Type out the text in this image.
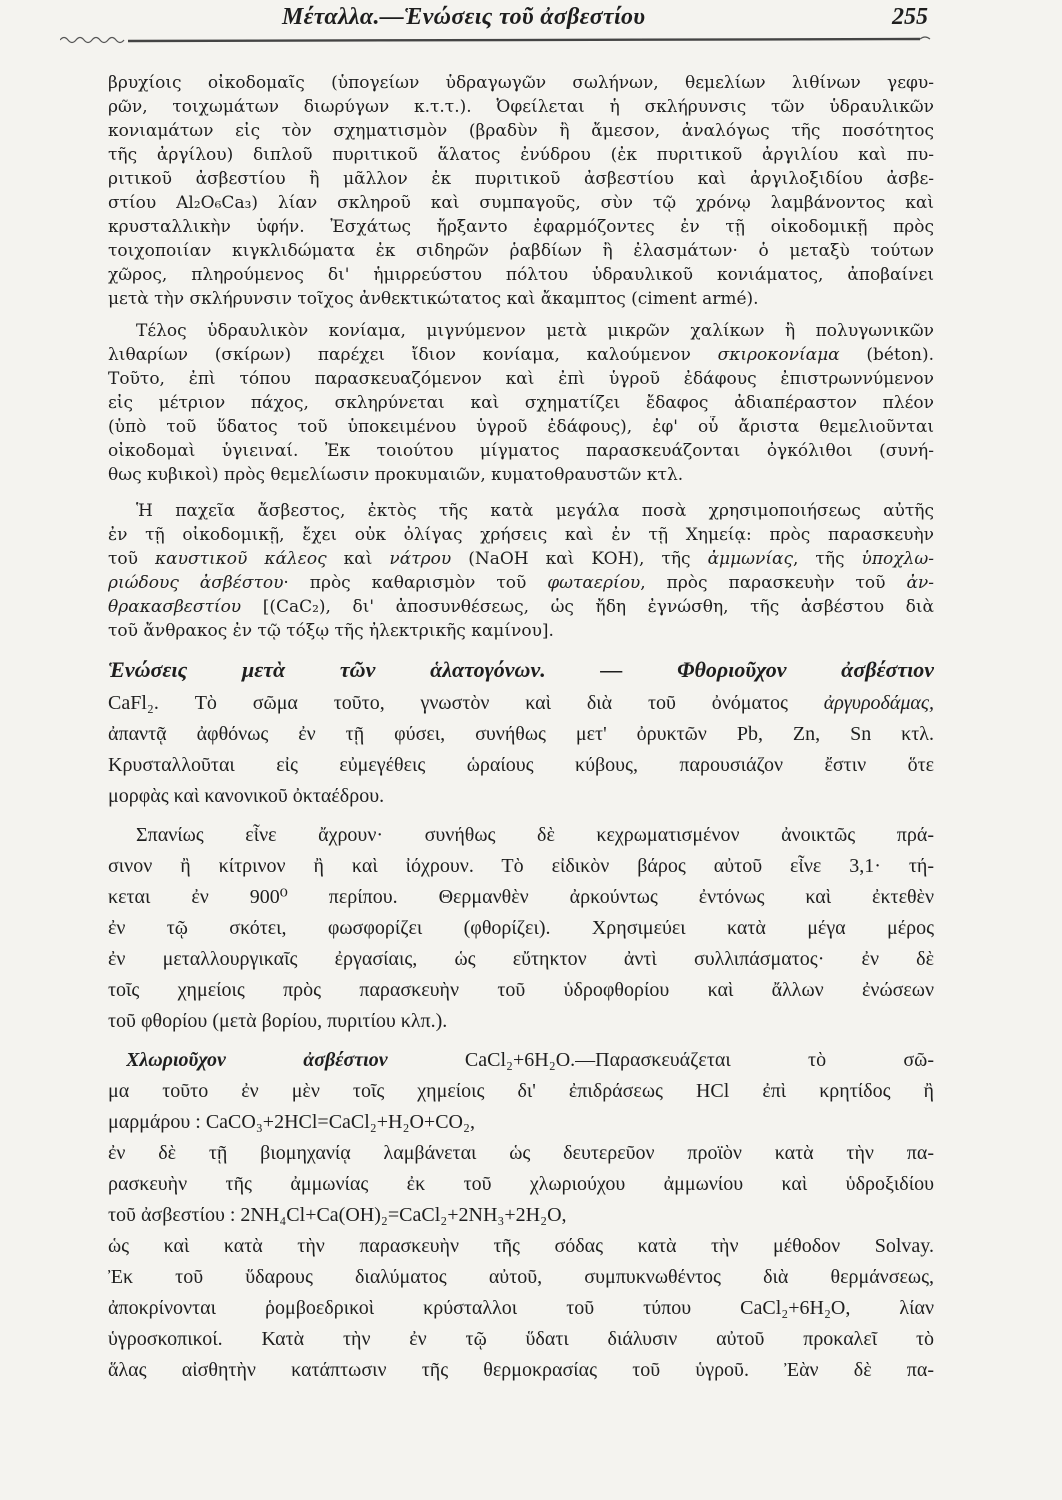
Μέταλλα.—Ἑνώσεις τοῦ ἀσβεστίου	255
βρυχίοις οἰκοδομαῖς (ὑπογείων ὑδραγωγῶν σωλήνων, θεμελίων λιθίνων γεφυ-
ρῶν, τοιχωμάτων διωρύγων κ.τ.τ.). Ὀφείλεται ἡ σκλήρυνσις τῶν ὑδραυλικῶν
κονιαμάτων εἰς τὸν σχηματισμὸν (βραδὺν ἢ ἄμεσον, ἀναλόγως τῆς ποσότητος
τῆς ἀργίλου) διπλοῦ πυριτικοῦ ἅλατος ἐνύδρου (ἐκ πυριτικοῦ ἀργιλίου καὶ πυ-
ριτικοῦ ἀσβεστίου ἢ μᾶλλον ἐκ πυριτικοῦ ἀσβεστίου καὶ ἀργιλοξιδίου ἀσβε-
στίου Al₂O₆Ca₃) λίαν σκληροῦ καὶ συμπαγοῦς, σὺν τῷ χρόνῳ λαμβάνοντος καὶ
κρυσταλλικὴν ὑφήν. Ἐσχάτως ἤρξαντο ἐφαρμόζοντες ἐν τῇ οἰκοδομικῇ πρὸς
τοιχοποιίαν κιγκλιδώματα ἐκ σιδηρῶν ῥαβδίων ἢ ἐλασμάτων· ὁ μεταξὺ τούτων
χῶρος, πληρούμενος δι' ἡμιρρεύστου πόλτου ὑδραυλικοῦ κονιάματος, ἀποβαίνει
μετὰ τὴν σκλήρυνσιν τοῖχος ἀνθεκτικώτατος καὶ ἄκαμπτος (ciment armé).
Τέλος ὑδραυλικὸν κονίαμα, μιγνύμενον μετὰ μικρῶν χαλίκων ἢ πολυγωνικῶν
λιθαρίων (σκίρων) παρέχει ἴδιον κονίαμα, καλούμενον σκιροκονίαμα (béton).
Τοῦτο, ἐπὶ τόπου παρασκευαζόμενον καὶ ἐπὶ ὑγροῦ ἐδάφους ἐπιστρωννύμενον
εἰς μέτριον πάχος, σκληρύνεται καὶ σχηματίζει ἔδαφος ἀδιαπέραστον πλέον
(ὑπὸ τοῦ ὕδατος τοῦ ὑποκειμένου ὑγροῦ ἐδάφους), ἐφ' οὗ ἄριστα θεμελιοῦνται
οἰκοδομαὶ ὑγιειναί. Ἐκ τοιούτου μίγματος παρασκευάζονται ὀγκόλιθοι (συνή-
θως κυβικοὶ) πρὸς θεμελίωσιν προκυμαιῶν, κυματοθραυστῶν κτλ.
Ἡ παχεῖα ἄσβεστος, ἐκτὸς τῆς κατὰ μεγάλα ποσὰ χρησιμοποιήσεως αὐτῆς
ἐν τῇ οἰκοδομικῇ, ἔχει οὐκ ὀλίγας χρήσεις καὶ ἐν τῇ Χημείᾳ: πρὸς παρασκευὴν
τοῦ καυστικοῦ κάλεος καὶ νάτρου (NaOH καὶ KOH), τῆς ἀμμωνίας, τῆς ὑποχλω-
ριώδους ἀσβέστου· πρὸς καθαρισμὸν τοῦ φωταερίου, πρὸς παρασκευὴν τοῦ ἀν-
θρακασβεστίου [(CaC₂), δι' ἀποσυνθέσεως, ὡς ἤδη ἐγνώσθη, τῆς ἀσβέστου διὰ
τοῦ ἄνθρακος ἐν τῷ τόξῳ τῆς ἠλεκτρικῆς καμίνου].
Ἑνώσεις μετὰ τῶν ἁλατογόνων. — Φθοριοῦχον ἀσβέστιον
CaFl₂. Τὸ σῶμα τοῦτο, γνωστὸν καὶ διὰ τοῦ ὀνόματος ἀργυροδάμας,
ἀπαντᾷ ἀφθόνως ἐν τῇ φύσει, συνήθως μετ' ὀρυκτῶν Pb, Zn, Sn κτλ.
Κρυσταλλοῦται εἰς εὐμεγέθεις ὡραίους κύβους, παρουσιάζον ἔστιν ὅτε
μορφὰς καὶ κανονικοῦ ὀκταέδρου.
Σπανίως εἶνε ἄχρουν· συνήθως δὲ κεχρωματισμένον ἀνοικτῶς πρά-
σινον ἢ κίτρινον ἢ καὶ ἰόχρουν. Τὸ εἰδικὸν βάρος αὐτοῦ εἶνε 3,1· τή-
κεται ἐν 900⁰ περίπου. Θερμανθὲν ἀρκούντως ἐντόνως καὶ ἐκτεθὲν
ἐν τῷ σκότει, φωσφορίζει (φθορίζει). Χρησιμεύει κατὰ μέγα μέρος
ἐν μεταλλουργικαῖς ἐργασίαις, ὡς εὔτηκτον ἀντὶ συλλιπάσματος· ἐν δὲ
τοῖς χημείοις πρὸς παρασκευὴν τοῦ ὑδροφθορίου καὶ ἄλλων ἐνώσεων
τοῦ φθορίου (μετὰ βορίου, πυριτίου κλπ.).
Χλωριοῦχον ἀσβέστιον CaCl₂+6H₂O.—Παρασκευάζεται τὸ σῶ-
μα τοῦτο ἐν μὲν τοῖς χημείοις δι' ἐπιδράσεως HCl ἐπὶ κρητίδος ἢ
μαρμάρου : CaCO₃+2HCl=CaCl₂+H₂O+CO₂,
ἐν δὲ τῇ βιομηχανίᾳ λαμβάνεται ὡς δευτερεῦον προϊὸν κατὰ τὴν πα-
ρασκευὴν τῆς ἀμμωνίας ἐκ τοῦ χλωριούχου ἀμμωνίου καὶ ὑδροξιδίου
τοῦ ἀσβεστίου : 2NH₄Cl+Ca(OH)₂=CaCl₂+2NH₃+2H₂O,
ὡς καὶ κατὰ τὴν παρασκευὴν τῆς σόδας κατὰ τὴν μέθοδον Solvay.
Ἐκ τοῦ ὕδαρους διαλύματος αὐτοῦ, συμπυκνωθέντος διὰ θερμάνσεως,
ἀποκρίνονται ῥομβοεδρικοὶ κρύσταλλοι τοῦ τύπου CaCl₂+6H₂O, λίαν
ὑγροσκοπικοί. Κατὰ τὴν ἐν τῷ ὕδατι διάλυσιν αὐτοῦ προκαλεῖ τὸ
ἅλας αἰσθητὴν κατάπτωσιν τῆς θερμοκρασίας τοῦ ὑγροῦ. Ἐὰν δὲ πα-
